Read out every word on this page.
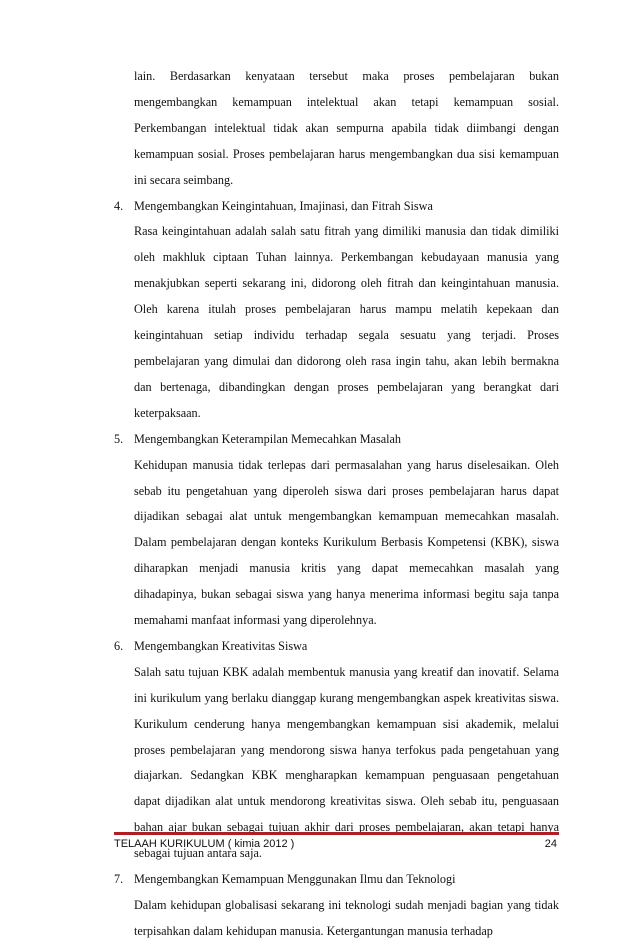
lain. Berdasarkan kenyataan tersebut maka proses pembelajaran bukan mengembangkan kemampuan intelektual akan tetapi kemampuan sosial. Perkembangan intelektual tidak akan sempurna apabila tidak diimbangi dengan kemampuan sosial. Proses pembelajaran harus mengembangkan dua sisi kemampuan ini secara seimbang.

4. Mengembangkan Keingintahuan, Imajinasi, dan Fitrah Siswa

Rasa keingintahuan adalah salah satu fitrah yang dimiliki manusia dan tidak dimiliki oleh makhluk ciptaan Tuhan lainnya. Perkembangan kebudayaan manusia yang menakjubkan seperti sekarang ini, didorong oleh fitrah dan keingintahuan manusia. Oleh karena itulah proses pembelajaran harus mampu melatih kepekaan dan keingintahuan setiap individu terhadap segala sesuatu yang terjadi. Proses pembelajaran yang dimulai dan didorong oleh rasa ingin tahu, akan lebih bermakna dan bertenaga, dibandingkan dengan proses pembelajaran yang berangkat dari keterpaksaan.

5. Mengembangkan Keterampilan Memecahkan Masalah

Kehidupan manusia tidak terlepas dari permasalahan yang harus diselesaikan. Oleh sebab itu pengetahuan yang diperoleh siswa dari proses pembelajaran harus dapat dijadikan sebagai alat untuk mengembangkan kemampuan memecahkan masalah. Dalam pembelajaran dengan konteks Kurikulum Berbasis Kompetensi (KBK), siswa diharapkan menjadi manusia kritis yang dapat memecahkan masalah yang dihadapinya, bukan sebagai siswa yang hanya menerima informasi begitu saja tanpa memahami manfaat informasi yang diperolehnya.

6. Mengembangkan Kreativitas Siswa

Salah satu tujuan KBK adalah membentuk manusia yang kreatif dan inovatif. Selama ini kurikulum yang berlaku dianggap kurang mengembangkan aspek kreativitas siswa. Kurikulum cenderung hanya mengembangkan kemampuan sisi akademik, melalui proses pembelajaran yang mendorong siswa hanya terfokus pada pengetahuan yang diajarkan. Sedangkan KBK mengharapkan kemampuan penguasaan pengetahuan dapat dijadikan alat untuk mendorong kreativitas siswa. Oleh sebab itu, penguasaan bahan ajar bukan sebagai tujuan akhir dari proses pembelajaran, akan tetapi hanya sebagai tujuan antara saja.

7. Mengembangkan Kemampuan Menggunakan Ilmu dan Teknologi

Dalam kehidupan globalisasi sekarang ini teknologi sudah menjadi bagian yang tidak terpisahkan dalam kehidupan manusia. Ketergantungan manusia terhadap

TELAAH KURIKULUM ( kimia 2012 )	24
